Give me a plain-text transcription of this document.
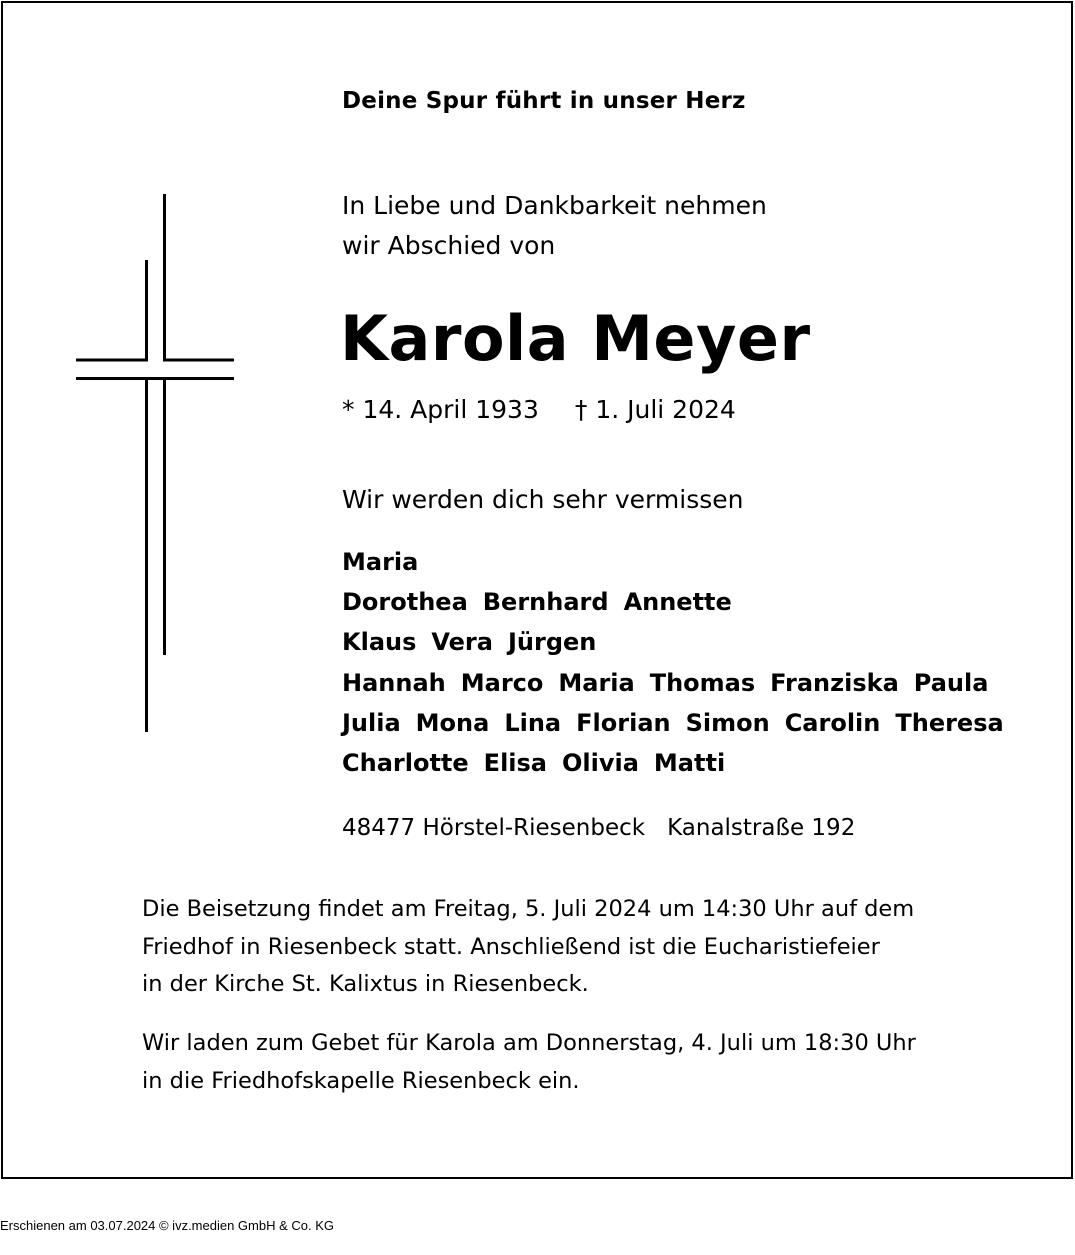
Deine Spur führt in unser Herz
In Liebe und Dankbarkeit nehmen
wir Abschied von
Karola Meyer
* 14. April 1933 † 1. Juli 2024
Wir werden dich sehr vermissen
Maria
Dorothea Bernhard Annette
Klaus Vera Jürgen
Hannah Marco Maria Thomas Franziska Paula
Julia Mona Lina Florian Simon Carolin Theresa
Charlotte Elisa Olivia Matti
48477 Hörstel-Riesenbeck Kanalstraße 192
Die Beisetzung findet am Freitag, 5. Juli 2024 um 14:30 Uhr auf dem
Friedhof in Riesenbeck statt. Anschließend ist die Eucharistiefeier
in der Kirche St. Kalixtus in Riesenbeck.
Wir laden zum Gebet für Karola am Donnerstag, 4. Juli um 18:30 Uhr
in die Friedhofskapelle Riesenbeck ein.
Erschienen am 03.07.2024 © ivz.medien GmbH & Co. KG
